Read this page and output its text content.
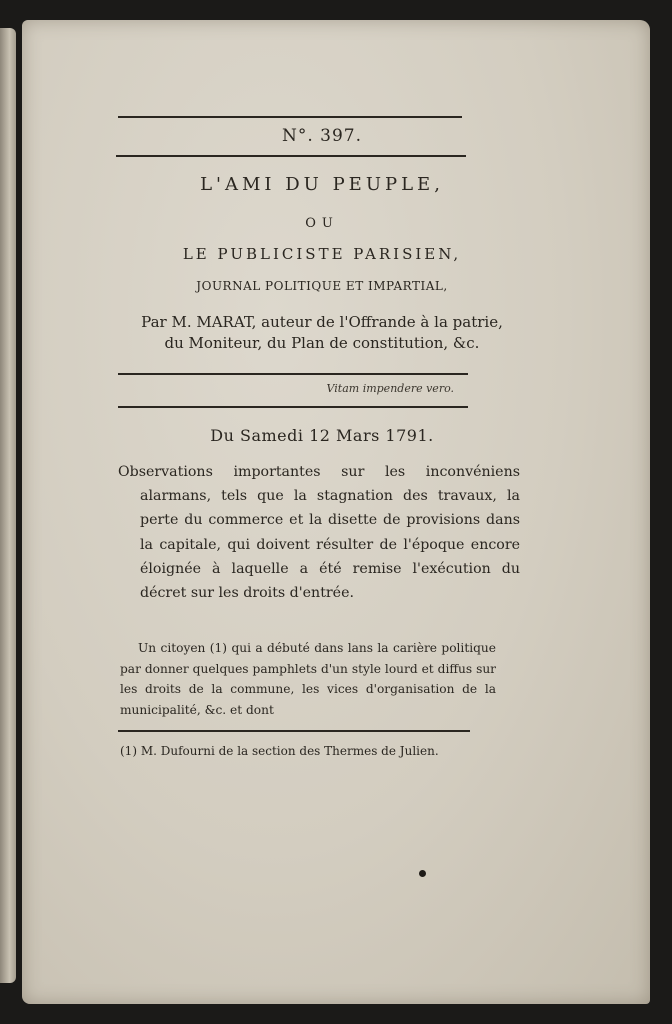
N°. 397.
L'AMI DU PEUPLE,
OU
LE PUBLICISTE PARISIEN,
JOURNAL POLITIQUE ET IMPARTIAL,
Par M. MARAT, auteur de l'Offrande à la patrie,
du Moniteur, du Plan de constitution, &c.
Vitam impendere vero.
Du Samedi 12 Mars 1791.
Observations importantes sur les inconvéniens alarmans, tels que la stagnation des travaux, la perte du commerce et la disette de provisions dans la capitale, qui doivent résulter de l'époque encore éloignée à laquelle a été remise l'exécution du décret sur les droits d'entrée.
Un citoyen (1) qui a débuté dans lans la carière politique par donner quelques pamphlets d'un style lourd et diffus sur les droits de la commune, les vices d'organisation de la municipalité, &c. et dont
(1) M. Dufourni de la section des Thermes de Julien.
